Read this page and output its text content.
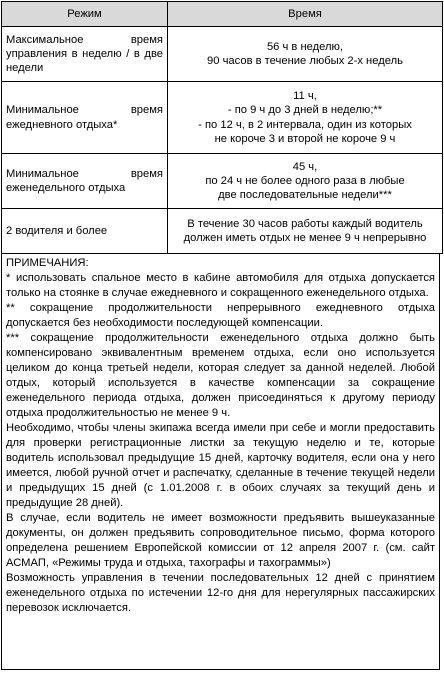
Режим	Время
Максимальное время управления в неделю / в две недели	56 ч в неделю,
90 часов в течение любых 2-х недель

Минимальное время ежедневного отдыха*	11 ч,
- по 9 ч до 3 дней в неделю;**
- по 12 ч, в 2 интервала, один из которых
не короче 3 и второй не короче 9 ч

Минимальное время еженедельного отдыха	45 ч,
по 24 ч не более одного раза в любые
две последовательные недели***

2 водителя и более	В течение 30 часов работы каждый водитель
должен иметь отдых не менее 9 ч непрерывно

ПРИМЕЧАНИЯ:

* использовать спальное место в кабине автомобиля для отдыха допускается только на стоянке в случае ежедневного и сокращенного еженедельного отдыха.

** сокращение продолжительности непрерывного ежедневного отдыха допускается без необходимости последующей компенсации.

*** сокращение продолжительности еженедельного отдыха должно быть компенсировано эквивалентным временем отдыха, если оно используется целиком до конца третьей недели, которая следует за данной неделей. Любой отдых, который используется в качестве компенсации за сокращение еженедельного периода отдыха, должен присоединяться к другому периоду отдыха продолжительностью не менее 9 ч.

Необходимо, чтобы члены экипажа всегда имели при себе и могли предоставить для проверки регистрационные листки за текущую неделю и те, которые водитель использовал предыдущие 15 дней, карточку водителя, если она у него имеется, любой ручной отчет и распечатку, сделанные в течение текущей недели и предыдущих 15 дней (с 1.01.2008 г. в обоих случаях за текущий день и предыдущие 28 дней).

В случае, если водитель не имеет возможности предъявить вышеуказанные документы, он должен предъявить сопроводительное письмо, форма которого определена решением Европейской комиссии от 12 апреля 2007 г. (см. сайт АСМАП, «Режимы труда и отдыха, тахографы и тахограммы»)

Возможность управления в течении последовательных 12 дней с принятием еженедельного отдыха по истечении 12-го дня для нерегулярных пассажирских перевозок исключается.
